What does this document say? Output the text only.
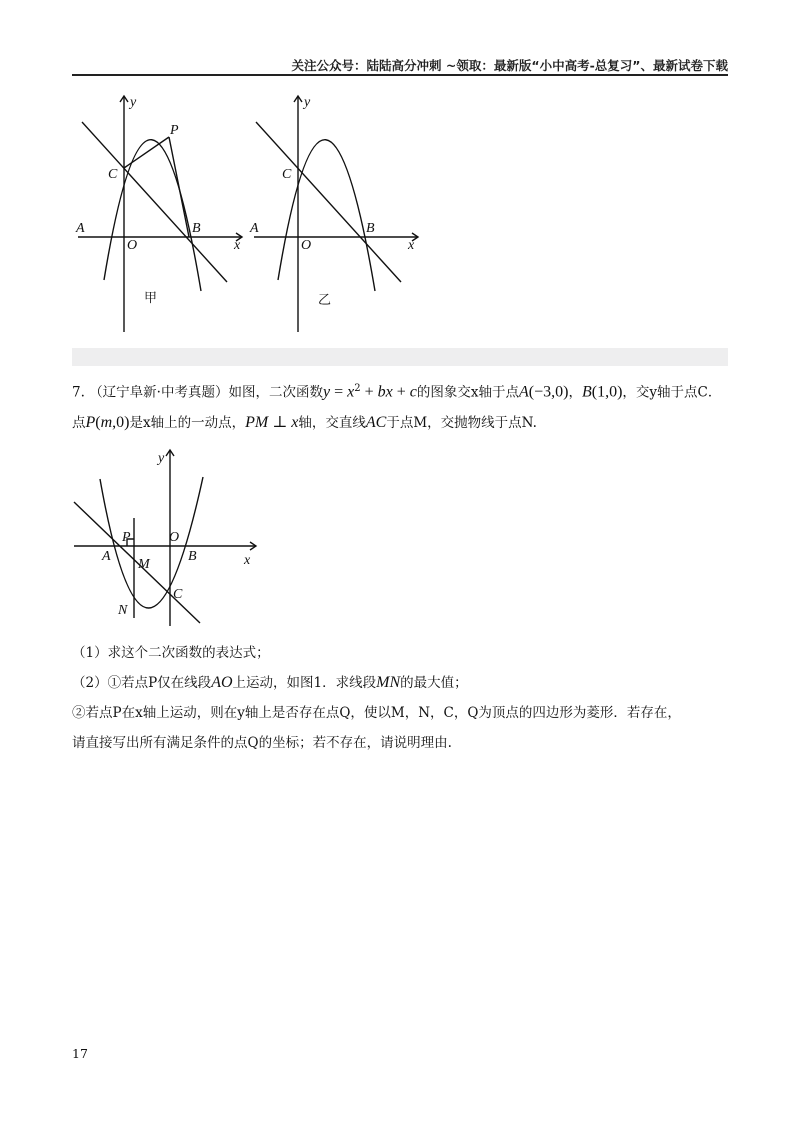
关注公众号：陆陆高分冲刺 ~领取：最新版“小中高考-总复习”、最新试卷下载
A
O
B
C
P
y
x
甲
A
O
B
C
y
x
乙

7. （辽宁阜新·中考真题）如图，二次函数$y = x^2$ + bx + c的图象交x轴于点A(−3,0)，B(1,0)，交y轴于点C．点P(m,0)是x轴上的一动点，PM ⊥ x轴，交直线AC于点M，交抛物线于点N.

y
x
P	O
A
M
B
C
N

（1）求这个二次函数的表达式；

（2）①若点P仅在线段AO上运动，如图1．求线段MN的最大值；

②若点P在x轴上运动，则在y轴上是否存在点Q，使以M，N，C，Q为顶点的四边形为菱形．若存在，

请直接写出所有满足条件的点Q的坐标；若不存在，请说明理由.

17
